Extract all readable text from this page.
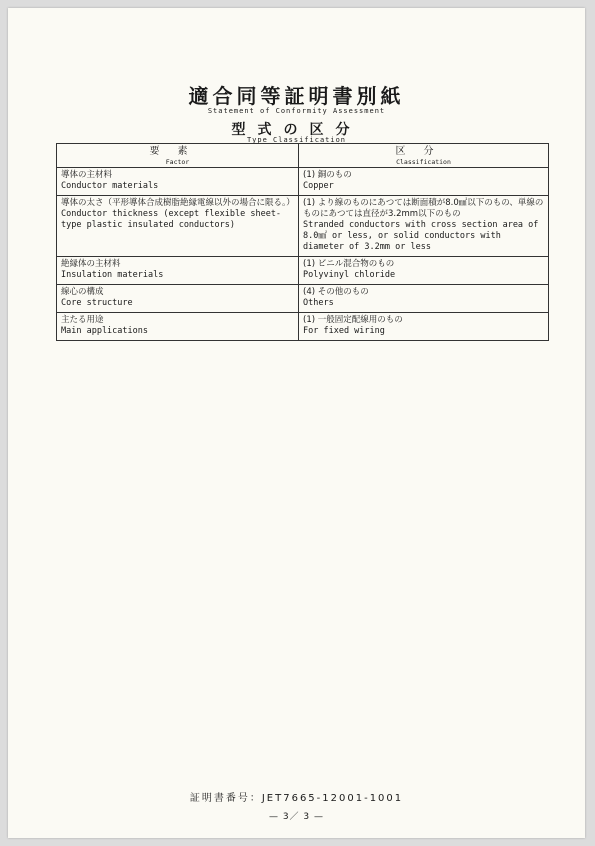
適合同等証明書別紙
Statement of Conformity Assessment
型式の区分
Type Classification
要素
Factor	区分
Classification

導体の主材料
Conductor materials	(1) 銅のもの
Copper

導体の太さ（平形導体合成樹脂絶縁電線以外の場合に限る。）
Conductor thickness (except flexible sheet-type plastic insulated conductors)	(1) より線のものにあつては断面積が8.0㎟以下のもの、単線のものにあつては直径が3.2mm以下のもの
Stranded conductors with cross section area of 8.0㎟ or less, or solid conductors with diameter of 3.2mm or less

絶縁体の主材料
Insulation materials	(1) ビニル混合物のもの
Polyvinyl chloride

線心の構成
Core structure	(4) その他のもの
Others

主たる用途
Main applications	(1) 一般固定配線用のもの
For fixed wiring
証明書番号：JET7665-12001-1001
— 3／ 3 —
